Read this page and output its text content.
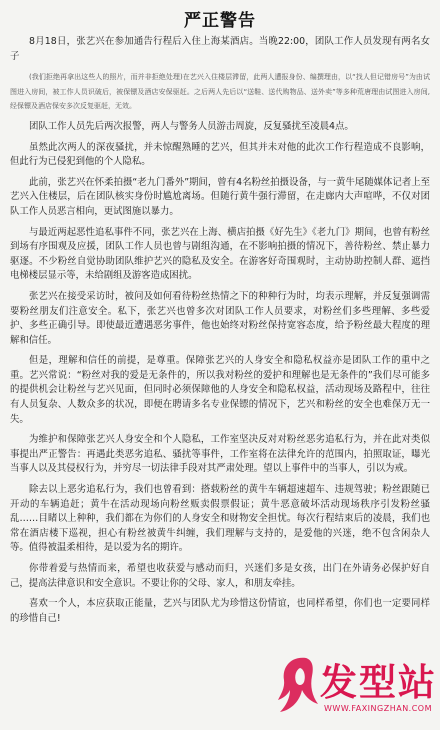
严正警告

8月18日，张艺兴在参加通告行程后入住上海某酒店。当晚22:00，团队工作人员发现有两名女子

(我们拒绝再拿出这些人的照片，而并非拒绝处理)在艺兴入住楼层滞留，此两人遭报身份、编撰理由，以“找人但记错房号”为由试图进入房间，被工作人员识破后，被保镖及酒店安保驱赶。之后两人先后以“送鞋、送代购物品、送外卖”等多种荒唐理由试图进入房间,经保镖及酒店保安多次反复驱赶，无效。

团队工作人员先后两次报警，两人与警务人员游击周旋，反复骚扰至凌晨4点。

虽然此次两人的深夜骚扰，并未惊醒熟睡的艺兴，但其并未对他的此次工作行程造成不良影响，但此行为已侵犯到他的个人隐私。

此前，张艺兴在怀柔拍摄“老九门番外”期间，曾有4名粉丝拍摄设备，与一黄牛尾随媒体记者上至艺兴入住楼层，后在团队核实身份时尴尬离场。但随行黄牛强行滞留，在走廊内大声喧哗，不仅对团队工作人员恶言相向，更试图施以暴力。

与最近两起恶性追私事件不同，张艺兴在上海、横店拍摄《好先生》《老九门》期间，也曾有粉丝到场有序围观及应援，团队工作人员也曾与剧组沟通，在不影响拍摄的情况下，善待粉丝、禁止暴力驱逐。不少粉丝自觉协助团队维护艺兴的隐私及安全。在游客好奇围观时，主动协助控制人群、遮挡电梯楼层显示等，未给剧组及游客造成困扰。

张艺兴在接受采访时，被问及如何看待粉丝热情之下的种种行为时，均表示理解，并反复强调需要粉丝朋友们注意安全。私下，张艺兴也曾多次对团队工作人员要求，对粉丝们多些理解、多些爱护、多些正确引导。即使最近遭遇恶劣事件，他也始终对粉丝保持宽容态度，给予粉丝最大程度的理解和信任。

但是，理解和信任的前提，是尊重。保障张艺兴的人身安全和隐私权益亦是团队工作的重中之重。艺兴常说：“粉丝对我的爱是无条件的，所以我对粉丝的爱护和理解也是无条件的”我们尽可能多的提供机会让粉丝与艺兴见面，但同时必须保障他的人身安全和隐私权益，活动现场及路程中，往往有人员复杂、人数众多的状况，即便在聘请多名专业保镖的情况下，艺兴和粉丝的安全也难保万无一失。

为维护和保障张艺兴人身安全和个人隐私，工作室坚决反对对粉丝恶劣追私行为，并在此对类似事提出严正警告：再遇此类恶劣追私、骚扰等事件，工作室将在法律允许的范围内，拍照取证，曝光当事人以及其侵权行为，并穷尽一切法律手段对其严肃处理。望以上事件中的当事人，引以为戒。

除去以上恶劣追私行为，我们也曾看到：搭载粉丝的黄牛车辆超速超车、违规驾驶；粉丝跟随已开动的车辆追赶；黄牛在活动现场向粉丝贩卖假票假证；黄牛恶意破坏活动现场秩序引发粉丝骚乱……目睹以上种种，我们都在为你们的人身安全和财物安全担忧。每次行程结束后的凌晨，我们也常在酒店楼下巡视，担心有粉丝被黄牛纠缠，我们理解与支持的，是爱他的兴迷，绝不包含闲杂人等。值得被温柔相待，是以爱为名的期许。

你带着爱与热情而来，希望也收获爱与感动而归，兴迷们多是女孩，出门在外请务必保护好自己，提高法律意识和安全意识。不要让你的父母、家人，和朋友牵挂。

喜欢一个人，本应获取正能量，艺兴与团队尤为珍惜这份情谊，也同样希望，你们也一定要同样的珍惜自己!

发型站
WWW.FAXINGZHAN.COM
